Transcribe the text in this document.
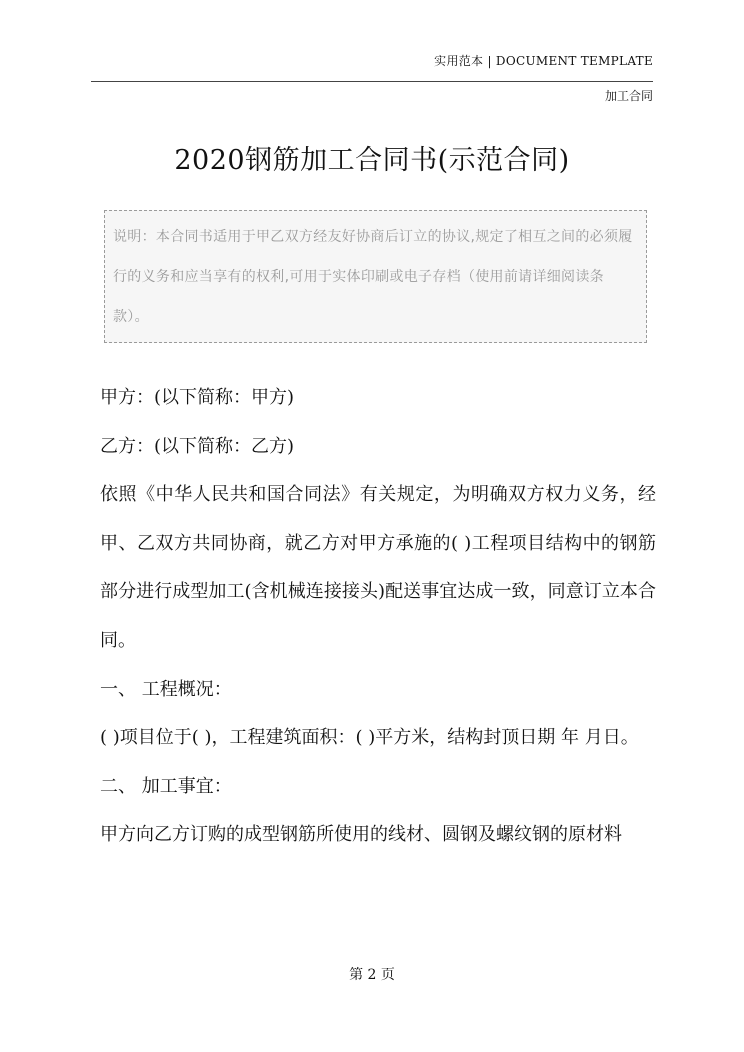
实用范本 | DOCUMENT TEMPLATE
加工合同
2020钢筋加工合同书(示范合同)
说明：本合同书适用于甲乙双方经友好协商后订立的协议,规定了相互之间的必须履行的义务和应当享有的权利,可用于实体印刷或电子存档（使用前请详细阅读条款）。

甲方：(以下简称：甲方)

乙方：(以下简称：乙方)

依照《中华人民共和国合同法》有关规定，为明确双方权力义务，经甲、乙双方共同协商，就乙方对甲方承施的( )工程项目结构中的钢筋部分进行成型加工(含机械连接接头)配送事宜达成一致，同意订立本合同。

一、 工程概况：

( )项目位于( )，工程建筑面积：( )平方米，结构封顶日期 年 月日。

二、 加工事宜：

甲方向乙方订购的成型钢筋所使用的线材、圆钢及螺纹钢的原材料

第 2 页
